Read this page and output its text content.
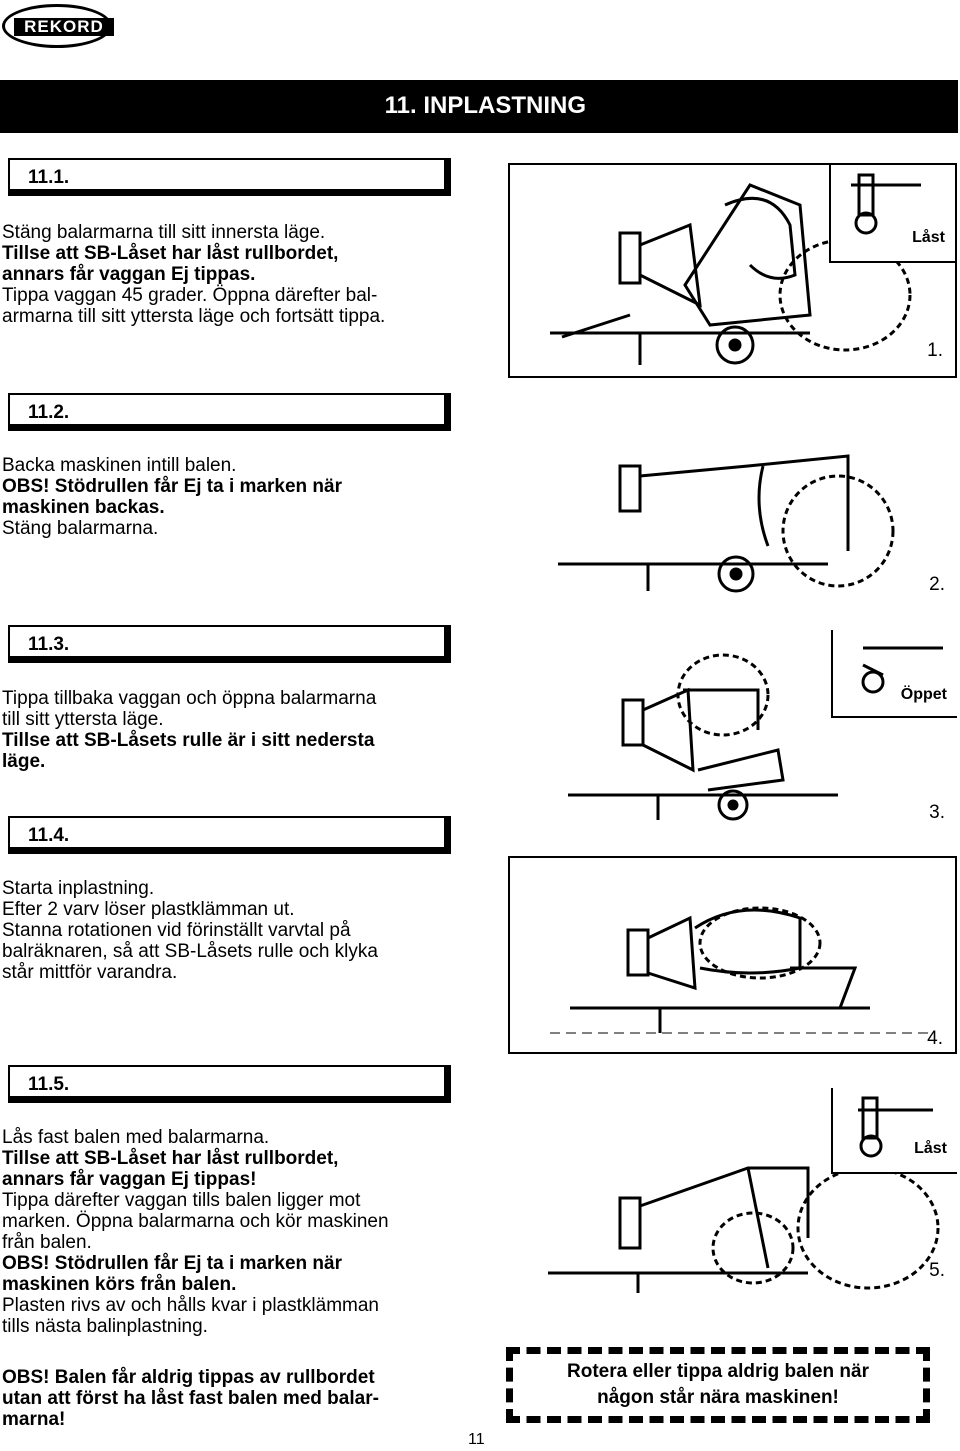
REKORD
11. INPLASTNING
11.1.
Stäng balarmarna till sitt innersta läge.
Tillse att SB-Låset har låst rullbordet,
annars får vaggan Ej tippas.
Tippa vaggan 45 grader. Öppna därefter bal-
armarna till sitt yttersta läge och fortsätt tippa.
11.2.
Backa maskinen intill balen.
OBS! Stödrullen får Ej ta i marken när
maskinen backas.
Stäng balarmarna.
11.3.
Tippa tillbaka vaggan och öppna balarmarna
till sitt yttersta läge.
Tillse att SB-Låsets rulle är i sitt nedersta
läge.
11.4.
Starta inplastning.
Efter 2 varv löser plastklämman ut.
Stanna rotationen vid förinställt varvtal på
balräknaren, så att SB-Låsets rulle och klyka
står mittför varandra.
11.5.
Lås fast balen med balarmarna.
Tillse att SB-Låset har låst rullbordet,
annars får vaggan Ej tippas!
Tippa därefter vaggan tills balen ligger mot
marken. Öppna balarmarna och kör maskinen
från balen.
OBS! Stödrullen får Ej ta i marken när
maskinen körs från balen.
Plasten rivs av och hålls kvar i plastklämman
tills nästa balinplastning.
OBS! Balen får aldrig tippas av rullbordet
utan att först ha låst fast balen med balar-
marna!
Låst
1.
2.
Öppet
3.
4.
Låst
5.
Rotera eller tippa aldrig balen när
någon står nära maskinen!
11
